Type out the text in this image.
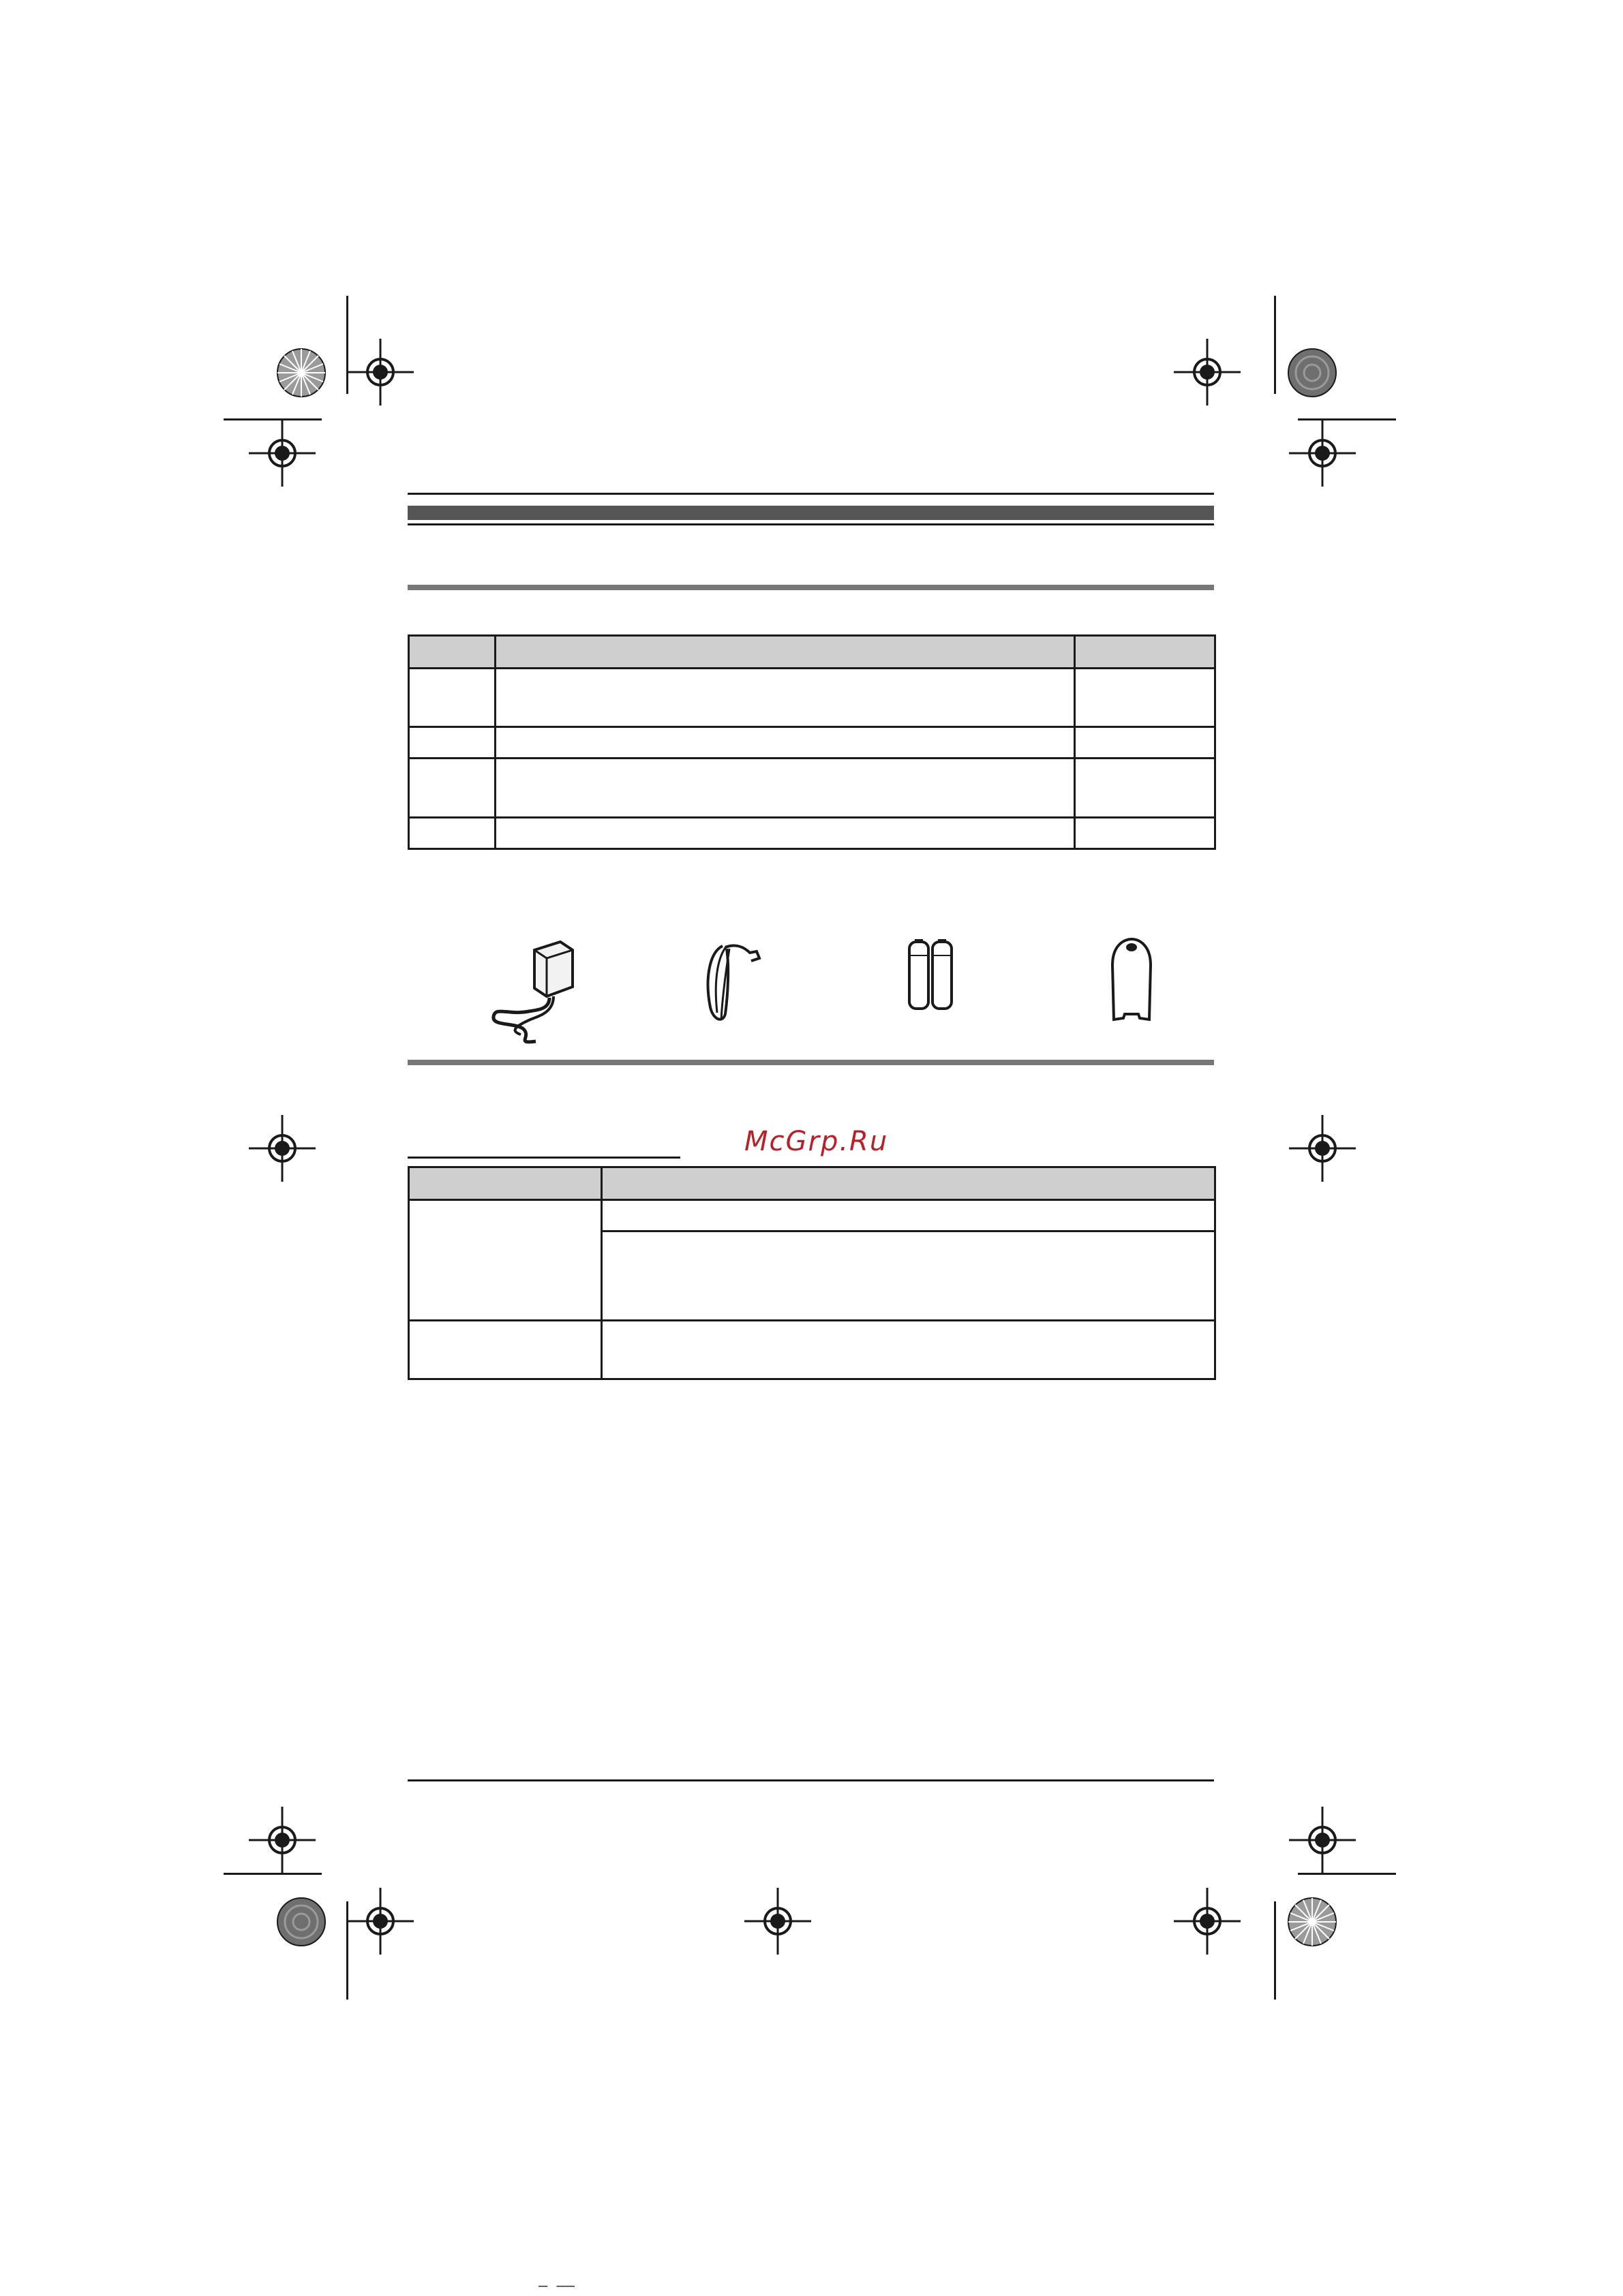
McGrp.Ru

– ––
